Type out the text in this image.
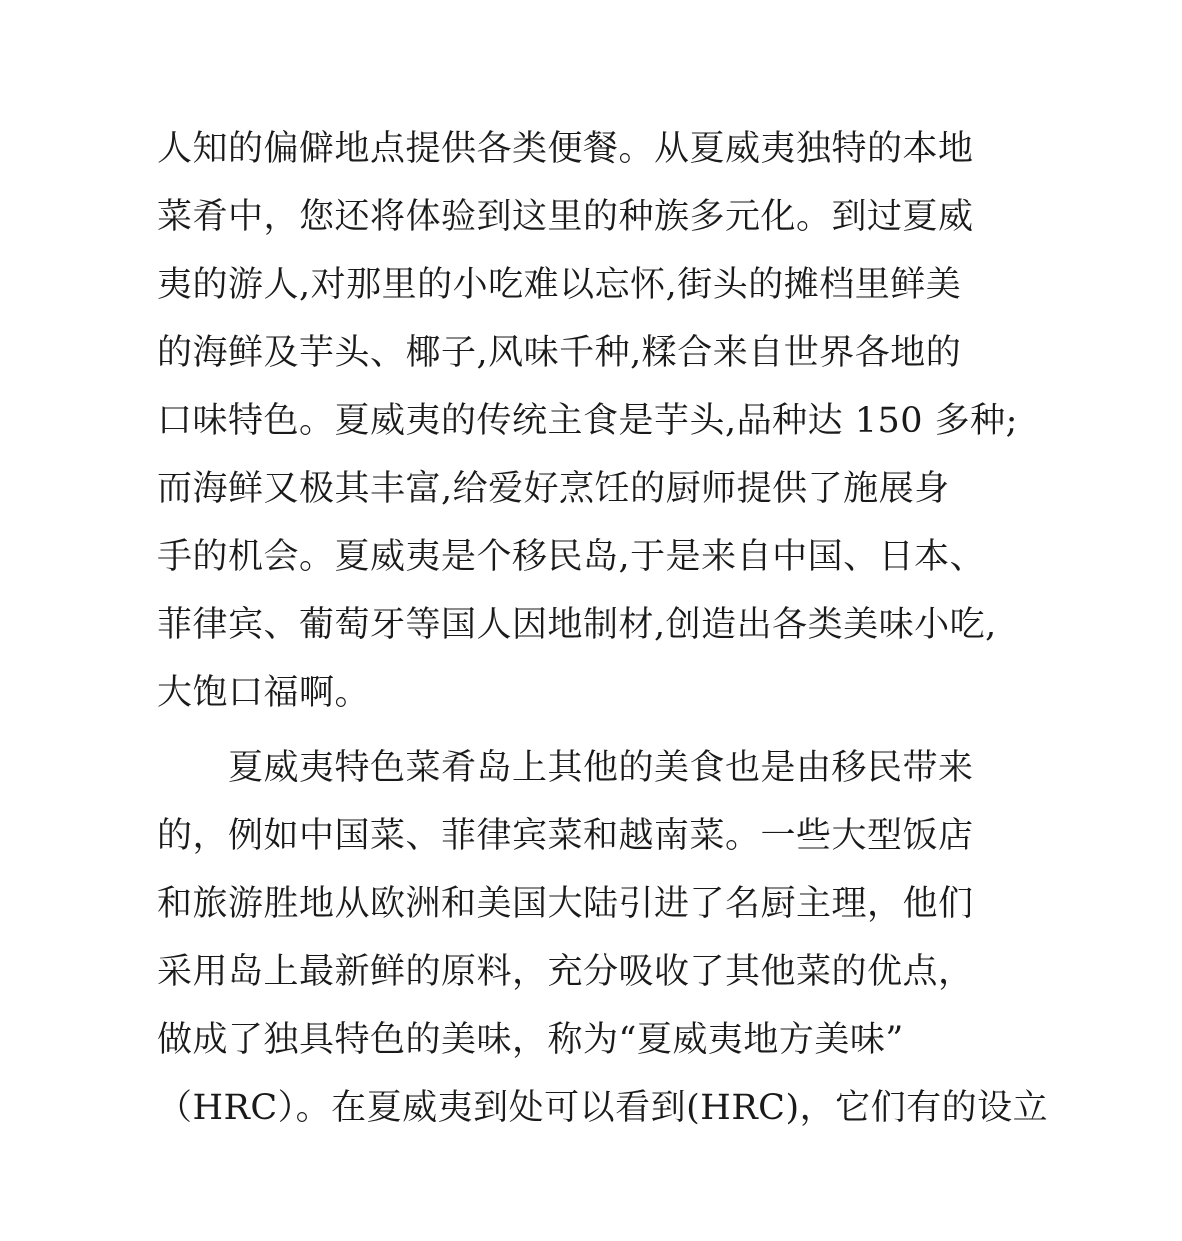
人知的偏僻地点提供各类便餐。从夏威夷独特的本地
菜肴中，您还将体验到这里的种族多元化。到过夏威
夷的游人,对那里的小吃难以忘怀,街头的摊档里鲜美
的海鲜及芋头、椰子,风味千种,糅合来自世界各地的
口味特色。夏威夷的传统主食是芋头,品种达 150 多种;
而海鲜又极其丰富,给爱好烹饪的厨师提供了施展身
手的机会。夏威夷是个移民岛,于是来自中国、日本、
菲律宾、葡萄牙等国人因地制材,创造出各类美味小吃,
大饱口福啊。
　　夏威夷特色菜肴岛上其他的美食也是由移民带来
的，例如中国菜、菲律宾菜和越南菜。一些大型饭店
和旅游胜地从欧洲和美国大陆引进了名厨主理，他们
采用岛上最新鲜的原料，充分吸收了其他菜的优点，
做成了独具特色的美味，称为“夏威夷地方美味”
（HRC）。在夏威夷到处可以看到(HRC)，它们有的设立
